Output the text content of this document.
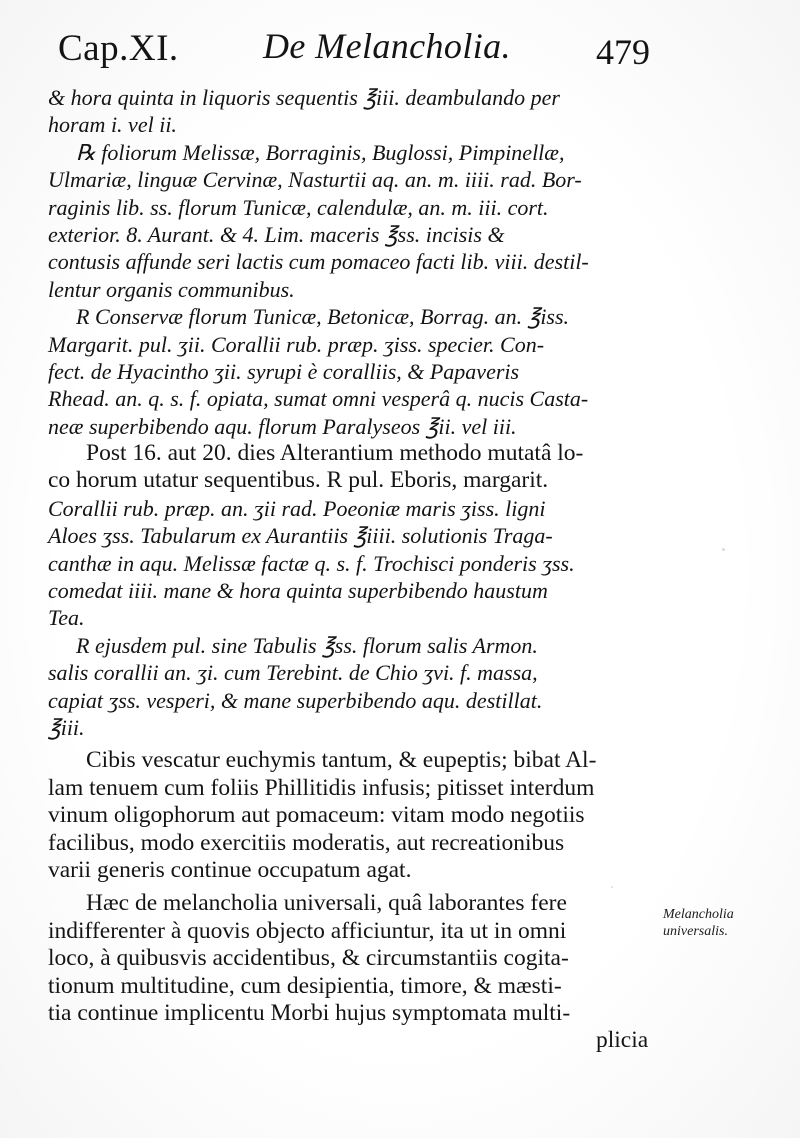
Cap.XI. De Melancholia. 479
& hora quinta in liquoris sequentis ℥iii. deambulando per
horam i. vel ii.
℞ foliorum Melissæ, Borraginis, Buglossi, Pimpinellæ,
Ulmariæ, linguæ Cervinæ, Nasturtii aq. an. m. iiii. rad. Bor-
raginis lib. ss. florum Tunicæ, calendulæ, an. m. iii. cort.
exterior. 8. Aurant. & 4. Lim. maceris ℥ss. incisis &
contusis affunde seri lactis cum pomaceo facti lib. viii. destil-
lentur organis communibus.
R Conservæ florum Tunicæ, Betonicæ, Borrag. an. ℥iss.
Margarit. pul. ʒii. Corallii rub. præp. ʒiss. specier. Con-
fect. de Hyacintho ʒii. syrupi è coralliis, & Papaveris
Rhead. an. q. s. f. opiata, sumat omni vesperâ q. nucis Casta-
neæ superbibendo aqu. florum Paralyseos ℥ii. vel iii.
Post 16. aut 20. dies Alterantium methodo mutatâ lo-
co horum utatur sequentibus. R pul. Eboris, margarit.
Corallii rub. præp. an. ʒii rad. Poeoniæ maris ʒiss. ligni
Aloes ʒss. Tabularum ex Aurantiis ℥iiii. solutionis Traga-
canthæ in aqu. Melissæ factæ q. s. f. Trochisci ponderis ʒss.
comedat iiii. mane & hora quinta superbibendo haustum
Tea.
R ejusdem pul. sine Tabulis ℥ss. florum salis Armon.
salis corallii an. ʒi. cum Terebint. de Chio ʒvi. f. massa,
capiat ʒss. vesperi, & mane superbibendo aqu. destillat.
℥iii.
Cibis vescatur euchymis tantum, & eupeptis; bibat Al-
lam tenuem cum foliis Phillitidis infusis; pitisset interdum
vinum oligophorum aut pomaceum: vitam modo negotiis
facilibus, modo exercitiis moderatis, aut recreationibus
varii generis continue occupatum agat.
Hæc de melancholia universali, quâ laborantes fere
indifferenter à quovis objecto afficiuntur, ita ut in omni
loco, à quibusvis accidentibus, & circumstantiis cogita-
tionum multitudine, cum desipientia, timore, & mæsti-
tia continue implicentu Morbi hujus symptomata multi-
plicia
Melancholia
universalis.
